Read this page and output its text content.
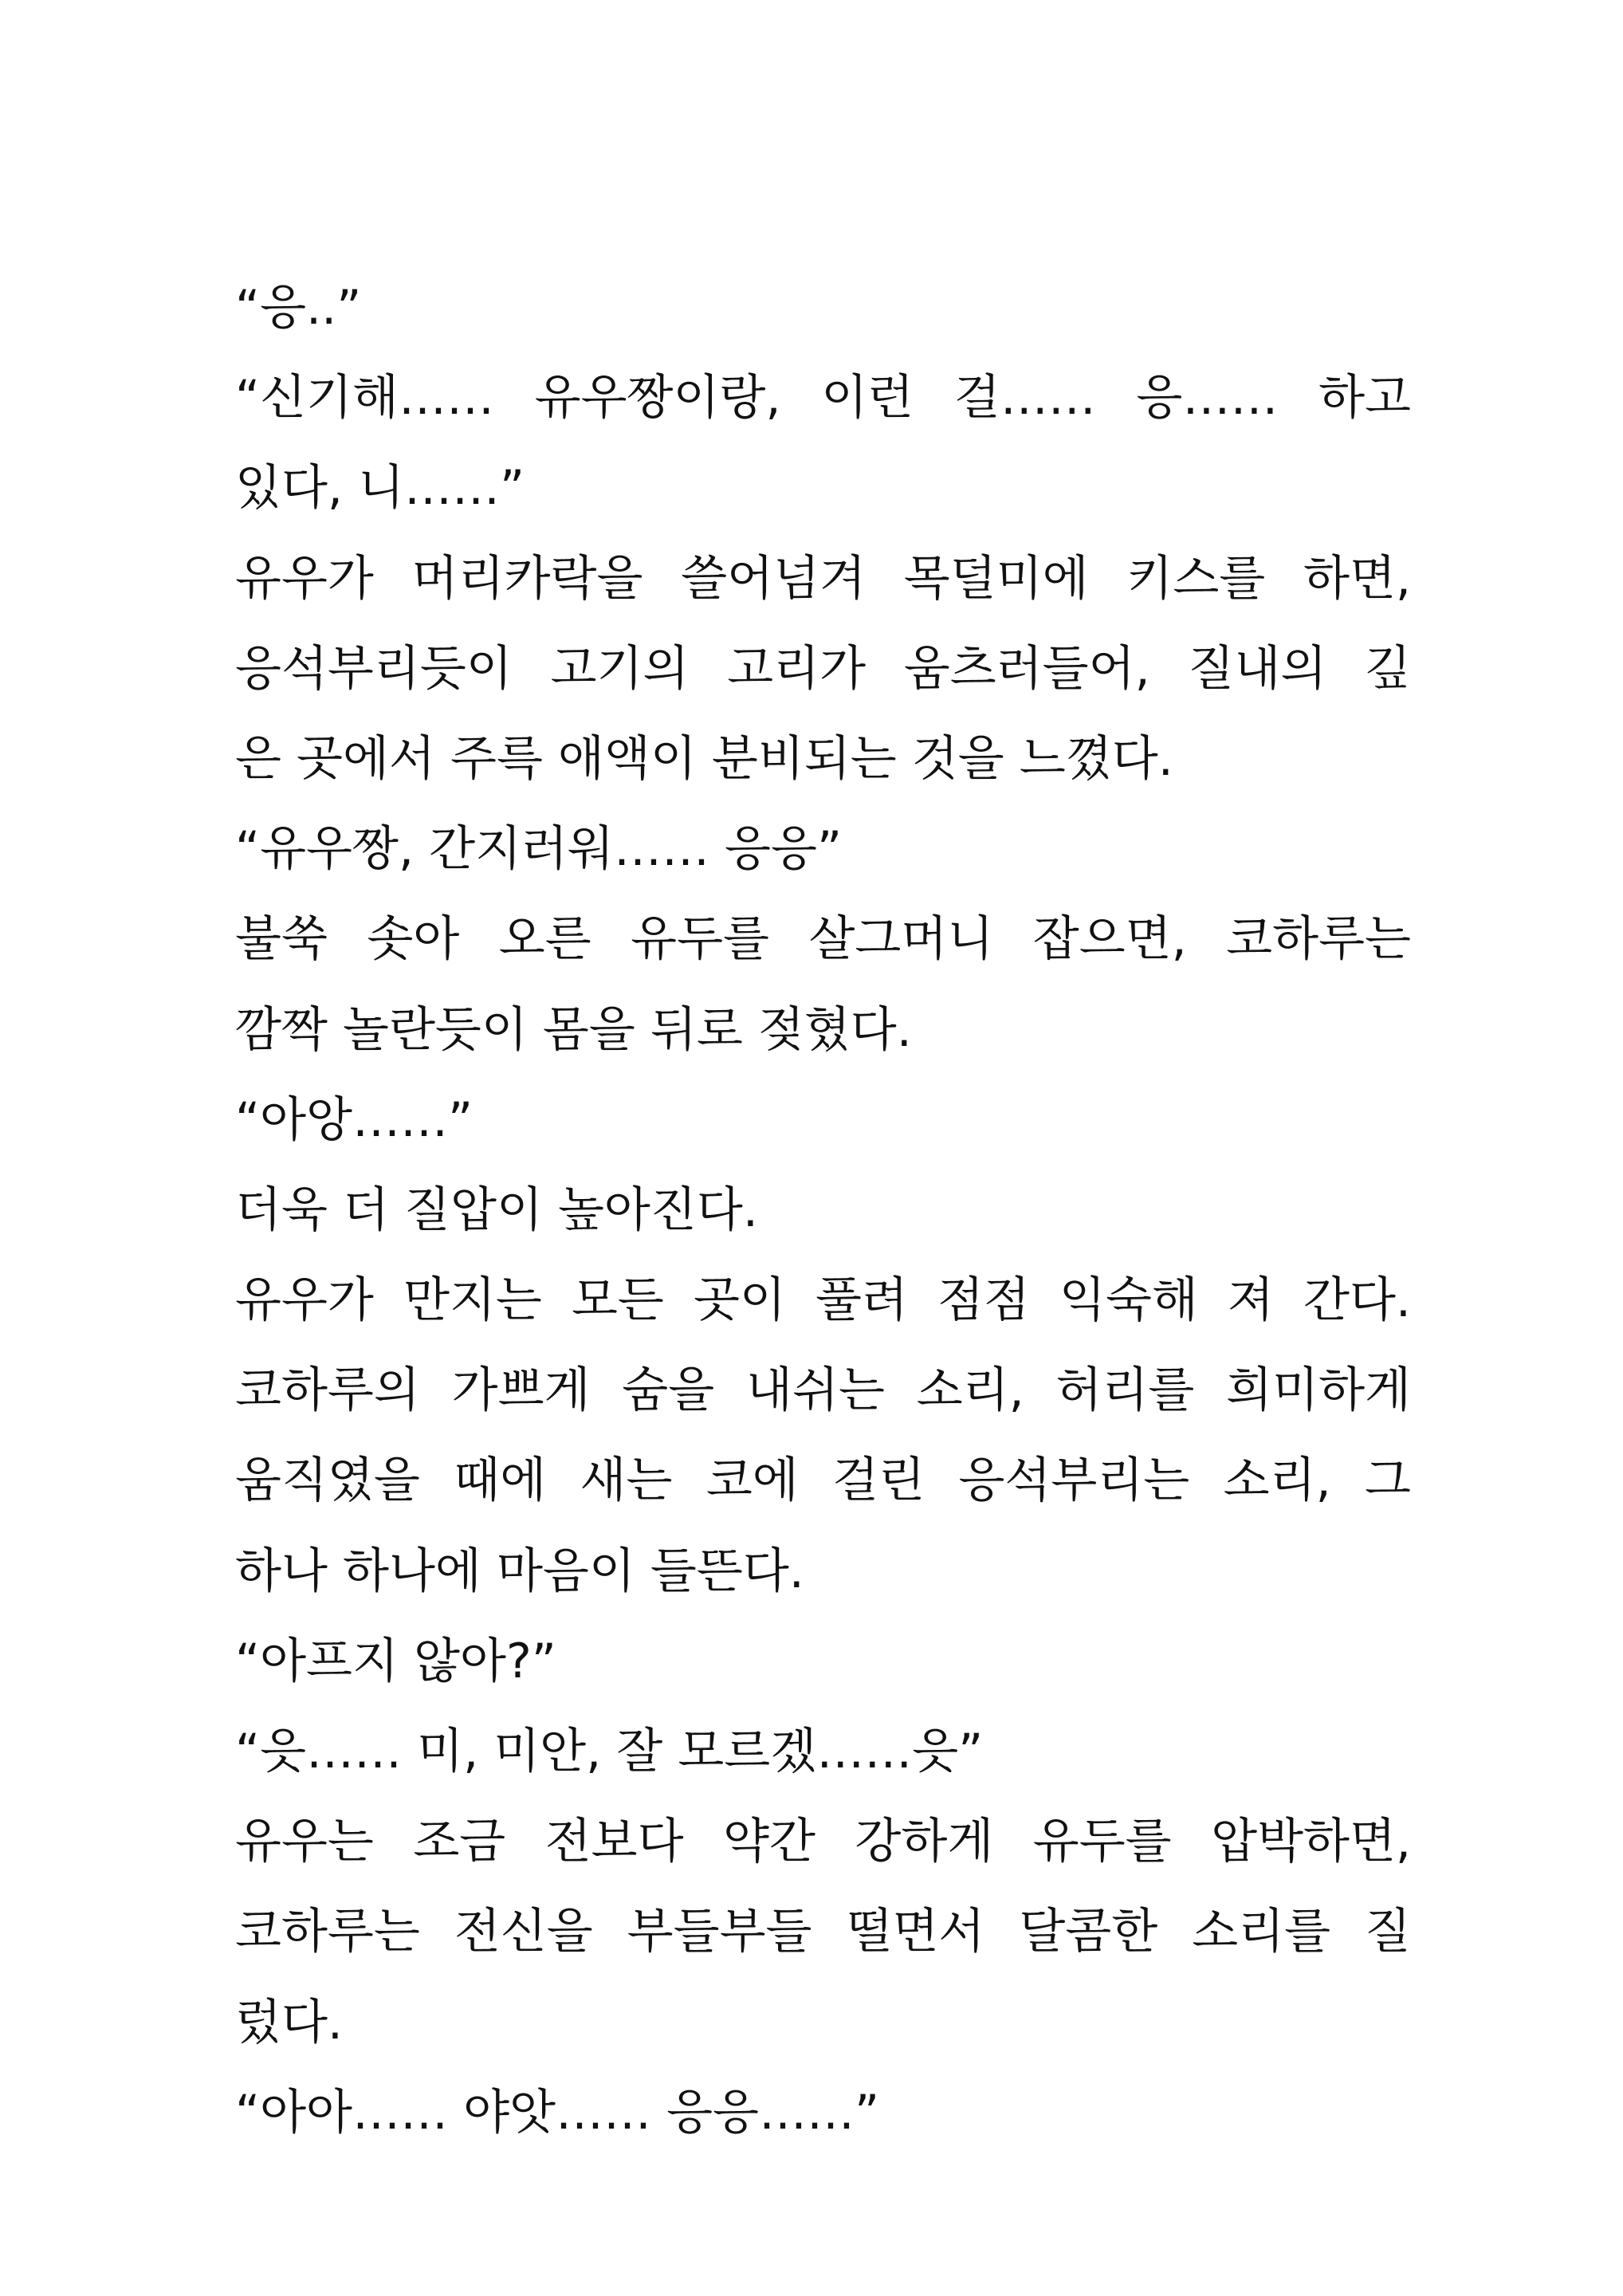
“응..”
“신기해…… 유우짱이랑, 이런 걸…… 응…… 하고
있다, 니……”
유우가 머리카락을 쓸어넘겨 목덜미에 키스를 하면,
응석부리듯이 고기의 고리가 움츠러들어, 질내의 깊
은 곳에서 주륵 애액이 분비되는 것을 느꼈다.
“유우짱, 간지러워…… 응응”
불쑥 솟아 오른 유두를 살그머니 잡으면, 코하루는
깜짝 놀란듯이 몸을 뒤로 젖혔다.
“아앙……”
더욱 더 질압이 높아진다.
유우가 만지는 모든 곳이 풀려 점점 익숙해 져 간다.
코하루의 가쁘게 숨을 내쉬는 소리, 허리를 희미하게
움직였을 때에 새는 코에 걸린 응석부리는 소리, 그
하나 하나에 마음이 들뜬다.
“아프지 않아?”
“읏…… 미, 미안, 잘 모르겠……읏”
유우는 조금 전보다 약간 강하게 유두를 압박하면,
코하루는 전신을 부들부들 떨면서 달콤한 소리를 질
렀다.
“아아…… 야앗…… 응응……”
